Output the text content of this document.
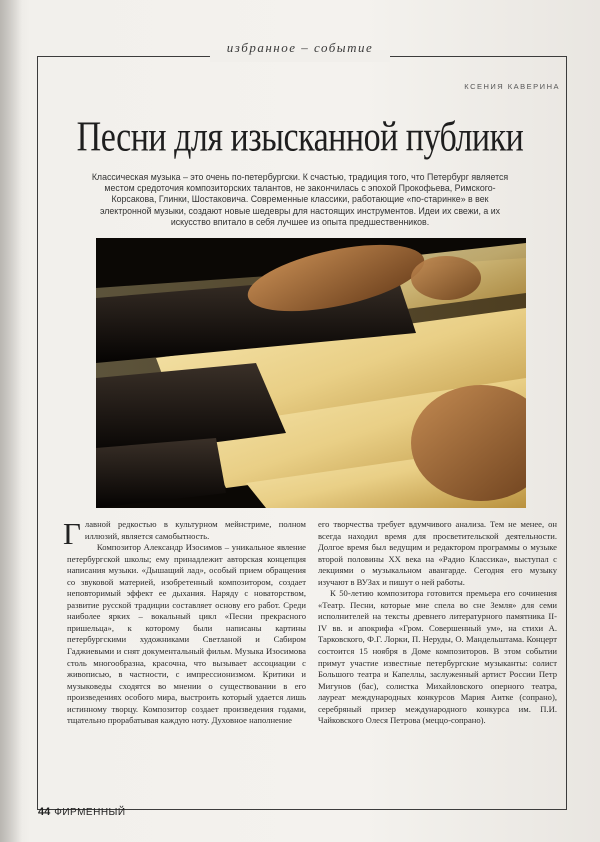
избранное – событие
КСЕНИЯ КАВЕРИНА
Песни для изысканной публики
Классическая музыка – это очень по-петербургски. К счастью, традиция того, что Петербург является местом средоточия композиторских талантов, не закончилась с эпохой Прокофьева, Римского-Корсакова, Глинки, Шостаковича. Современные классики, работающие «по-старинке» в век электронной музыки, создают новые шедевры для настоящих инструментов. Идеи их свежи, а их искусство впитало в себя лучшее из опыта предшественников.

Главной редкостью в культурном мейнстриме, полном иллюзий, является самобытность.

Композитор Александр Изосимов – уникальное явление петербургской школы; ему принадлежит авторская концепция написания музыки. «Дышащий лад», особый прием обращения со звуковой материей, изобретенный композитором, создает неповторимый эффект ее дыхания. Наряду с новаторством, развитие русской традиции составляет основу его работ. Среди наиболее ярких – вокальный цикл «Песни прекрасного пришельца», к которому были написаны картины петербургскими художниками Светланой и Сабиром Гаджиевыми и снят документальный фильм. Музыка Изосимова столь многообразна, красочна, что вызывает ассоциации с живописью, в частности, с импрессионизмом. Критики и музыковеды сходятся во мнении о существовании в его произведениях особого мира, выстроить который удается лишь истинному творцу. Композитор создает произведения годами, тщательно прорабатывая каждую ноту. Духовное наполнение

его творчества требует вдумчивого анализа. Тем не менее, он всегда находил время для просветительской деятельности. Долгое время был ведущим и редактором программы о музыке второй половины XX века на «Радио Классика», выступал с лекциями о музыкальном авангарде. Сегодня его музыку изучают в ВУЗах и пишут о ней работы.

К 50-летию композитора готовится премьера его сочинения «Театр. Песни, которые мне спела во сне Земля» для семи исполнителей на тексты древнего литературного памятника II-IV вв. и апокрифа «Гром. Совершенный ум», на стихи А. Тарковского, Ф.Г. Лорки, П. Неруды, О. Мандельштама. Концерт состоится 15 ноября в Доме композиторов. В этом событии примут участие известные петербургские музыканты: солист Большого театра и Капеллы, заслуженный артист России Петр Мигунов (бас), солистка Михайловского оперного театра, лауреат международных конкурсов Мария Аитке (сопрано), серебряный призер международного конкурса им. П.И. Чайковского Олеся Петрова (меццо-сопрано).

44 ФИРМЕННЫЙ
